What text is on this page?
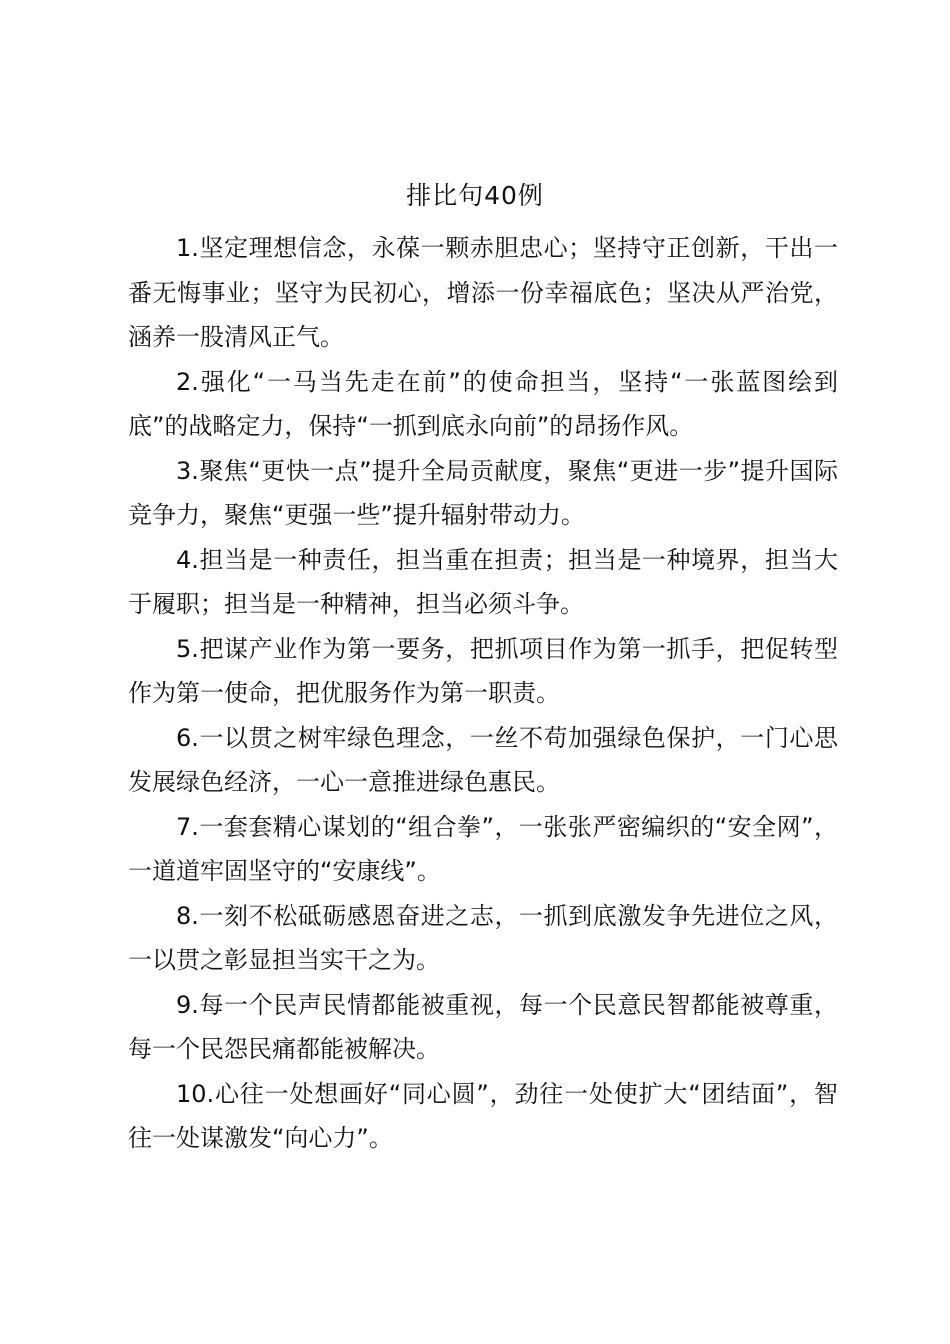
排比句40例

1.坚定理想信念，永葆一颗赤胆忠心；坚持守正创新，干出一番无悔事业；坚守为民初心，增添一份幸福底色；坚决从严治党，涵养一股清风正气。

2.强化“一马当先走在前”的使命担当，坚持“一张蓝图绘到底”的战略定力，保持“一抓到底永向前”的昂扬作风。

3.聚焦“更快一点”提升全局贡献度，聚焦“更进一步”提升国际竞争力，聚焦“更强一些”提升辐射带动力。

4.担当是一种责任，担当重在担责；担当是一种境界，担当大于履职；担当是一种精神，担当必须斗争。

5.把谋产业作为第一要务，把抓项目作为第一抓手，把促转型作为第一使命，把优服务作为第一职责。

6.一以贯之树牢绿色理念，一丝不苟加强绿色保护，一门心思发展绿色经济，一心一意推进绿色惠民。

7.一套套精心谋划的“组合拳”，一张张严密编织的“安全网”，一道道牢固坚守的“安康线”。

8.一刻不松砥砺感恩奋进之志，一抓到底激发争先进位之风，一以贯之彰显担当实干之为。

9.每一个民声民情都能被重视，每一个民意民智都能被尊重，每一个民怨民痛都能被解决。

10.心往一处想画好“同心圆”，劲往一处使扩大“团结面”，智往一处谋激发“向心力”。
